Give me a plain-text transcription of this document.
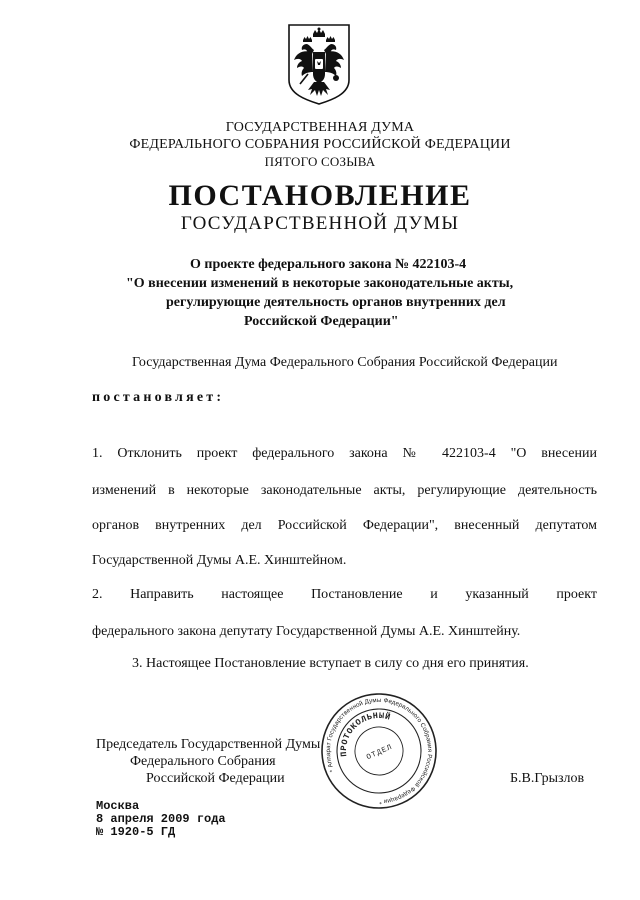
ГОСУДАРСТВЕННАЯ ДУМА
ФЕДЕРАЛЬНОГО СОБРАНИЯ РОССИЙСКОЙ ФЕДЕРАЦИИ
ПЯТОГО СОЗЫВА
ПОСТАНОВЛЕНИЕ
ГОСУДАРСТВЕННОЙ ДУМЫ
О проекте федерального закона № 422103-4
"О внесении изменений в некоторые законодательные акты,
регулирующие деятельность органов внутренних дел
Российской Федерации"
Государственная Дума Федерального Собрания Российской Федерации
постановляет:
1. Отклонить проект федерального закона № 422103-4 "О внесении
изменений в некоторые законодательные акты, регулирующие деятельность
органов внутренних дел Российской Федерации", внесенный депутатом
Государственной Думы А.Е. Хинштейном.
2. Направить настоящее Постановление и указанный проект
федерального закона депутату Государственной Думы А.Е. Хинштейну.
3. Настоящее Постановление вступает в силу со дня его принятия.
Председатель Государственной Думы
Федерального Собрания
Российской Федерации	Б.В.Грызлов
* Аппарат Государственной Думы Федерального Собрания Российской Федерации *
ПРОТОКОЛЬНЫЙ
ОТДЕЛ
Москва
8 апреля 2009 года
№ 1920-5 ГД
